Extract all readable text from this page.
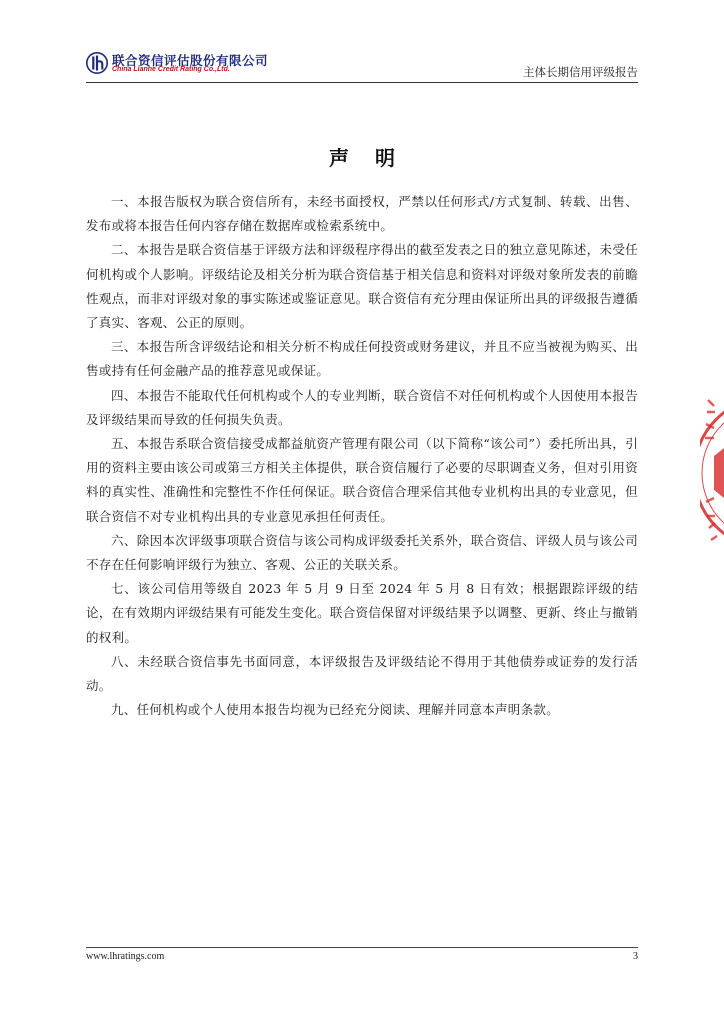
联合资信评估股份有限公司
China Lianhe Credit Rating Co.,Ltd.	主体长期信用评级报告
声明

一、本报告版权为联合资信所有，未经书面授权，严禁以任何形式/方式复制、转载、出售、发布或将本报告任何内容存储在数据库或检索系统中。

二、本报告是联合资信基于评级方法和评级程序得出的截至发表之日的独立意见陈述，未受任何机构或个人影响。评级结论及相关分析为联合资信基于相关信息和资料对评级对象所发表的前瞻性观点，而非对评级对象的事实陈述或鉴证意见。联合资信有充分理由保证所出具的评级报告遵循了真实、客观、公正的原则。

三、本报告所含评级结论和相关分析不构成任何投资或财务建议，并且不应当被视为购买、出售或持有任何金融产品的推荐意见或保证。

四、本报告不能取代任何机构或个人的专业判断，联合资信不对任何机构或个人因使用本报告及评级结果而导致的任何损失负责。

五、本报告系联合资信接受成都益航资产管理有限公司（以下简称“该公司”）委托所出具，引用的资料主要由该公司或第三方相关主体提供，联合资信履行了必要的尽职调查义务，但对引用资料的真实性、准确性和完整性不作任何保证。联合资信合理采信其他专业机构出具的专业意见，但联合资信不对专业机构出具的专业意见承担任何责任。

六、除因本次评级事项联合资信与该公司构成评级委托关系外，联合资信、评级人员与该公司不存在任何影响评级行为独立、客观、公正的关联关系。

七、该公司信用等级自 2023 年 5 月 9 日至 2024 年 5 月 8 日有效；根据跟踪评级的结论，在有效期内评级结果有可能发生变化。联合资信保留对评级结果予以调整、更新、终止与撤销的权利。

八、未经联合资信事先书面同意，本评级报告及评级结论不得用于其他债券或证券的发行活动。

九、任何机构或个人使用本报告均视为已经充分阅读、理解并同意本声明条款。

www.lhratings.com	3
